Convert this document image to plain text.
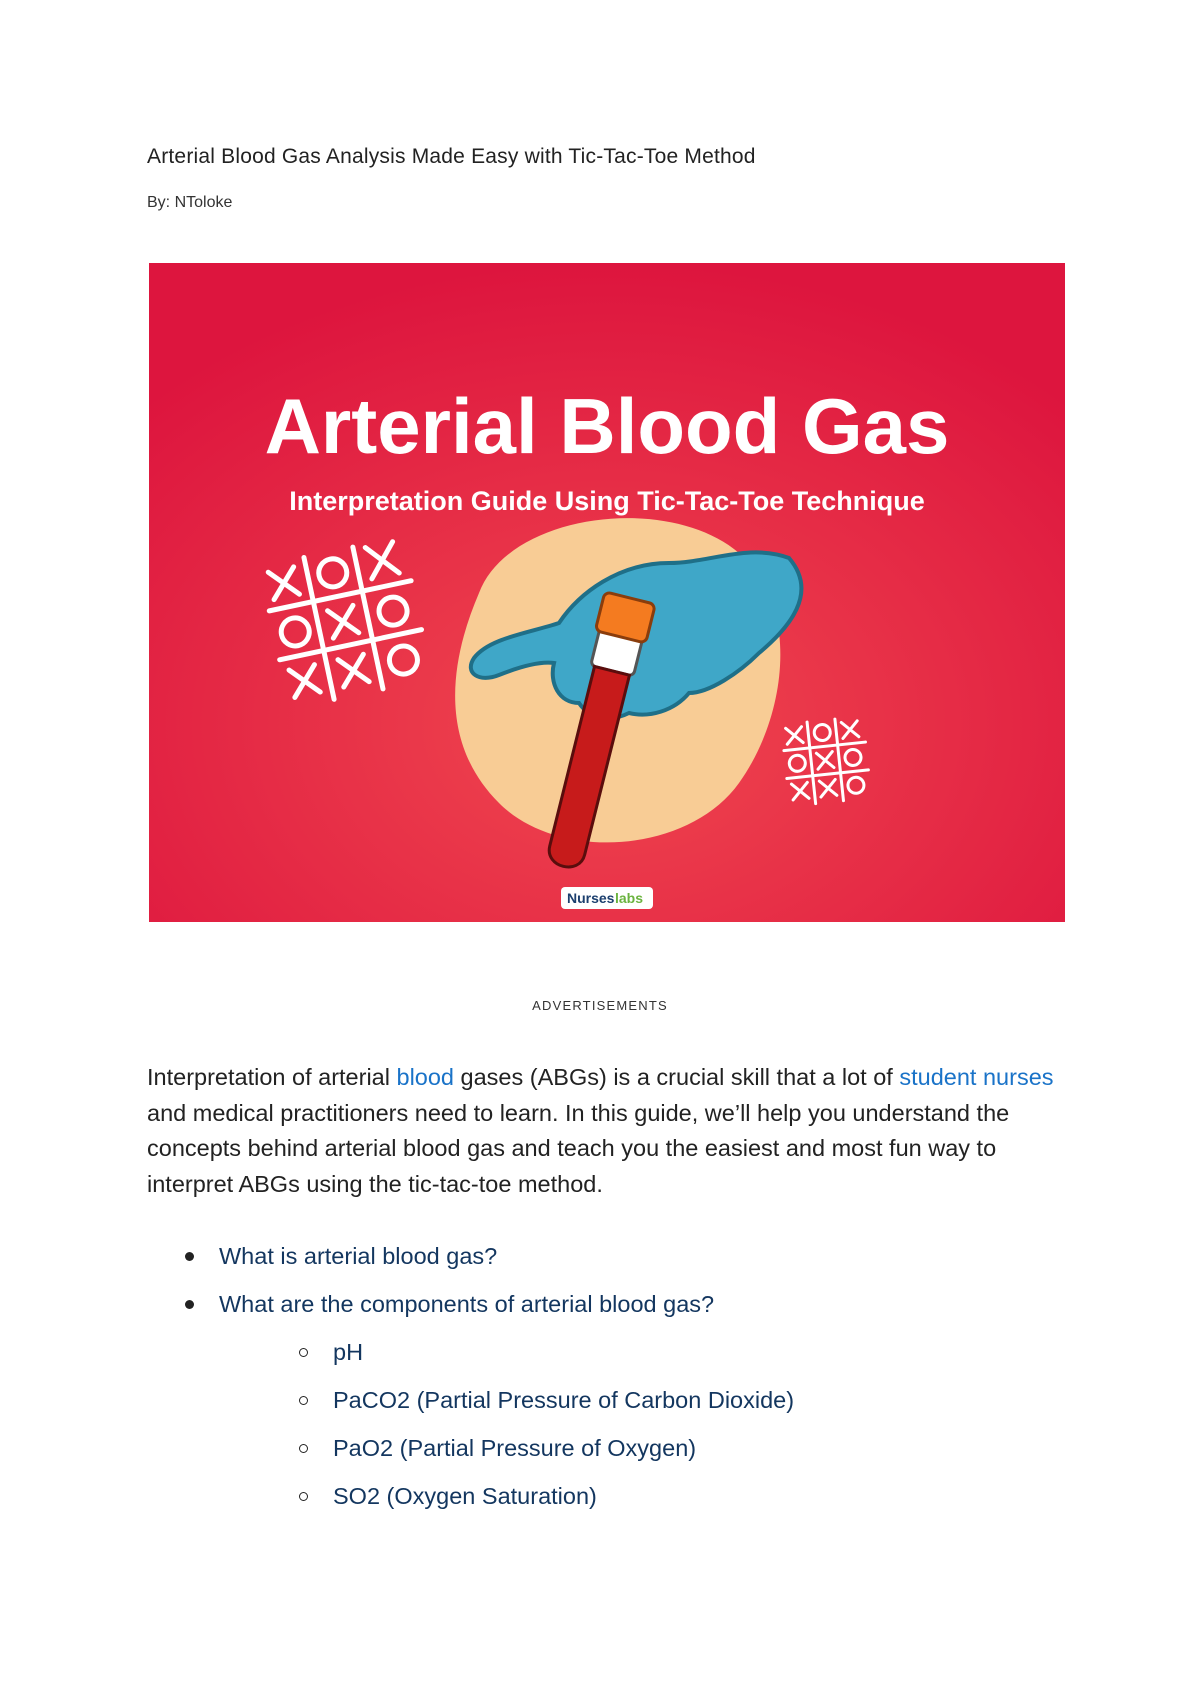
Arterial Blood Gas Analysis Made Easy with Tic-Tac-Toe Method

By: NToloke

Arterial Blood Gas
Interpretation Guide Using Tic-Tac-Toe Technique
Nurses labs
ADVERTISEMENTS

Interpretation of arterial blood gases (ABGs) is a crucial skill that a lot of student nurses and medical practitioners need to learn. In this guide, we’ll help you understand the concepts behind arterial blood gas and teach you the easiest and most fun way to interpret ABGs using the tic-tac-toe method.

What is arterial blood gas?
What are the components of arterial blood gas?
pH
PaCO2 (Partial Pressure of Carbon Dioxide)
PaO2 (Partial Pressure of Oxygen)
SO2 (Oxygen Saturation)
